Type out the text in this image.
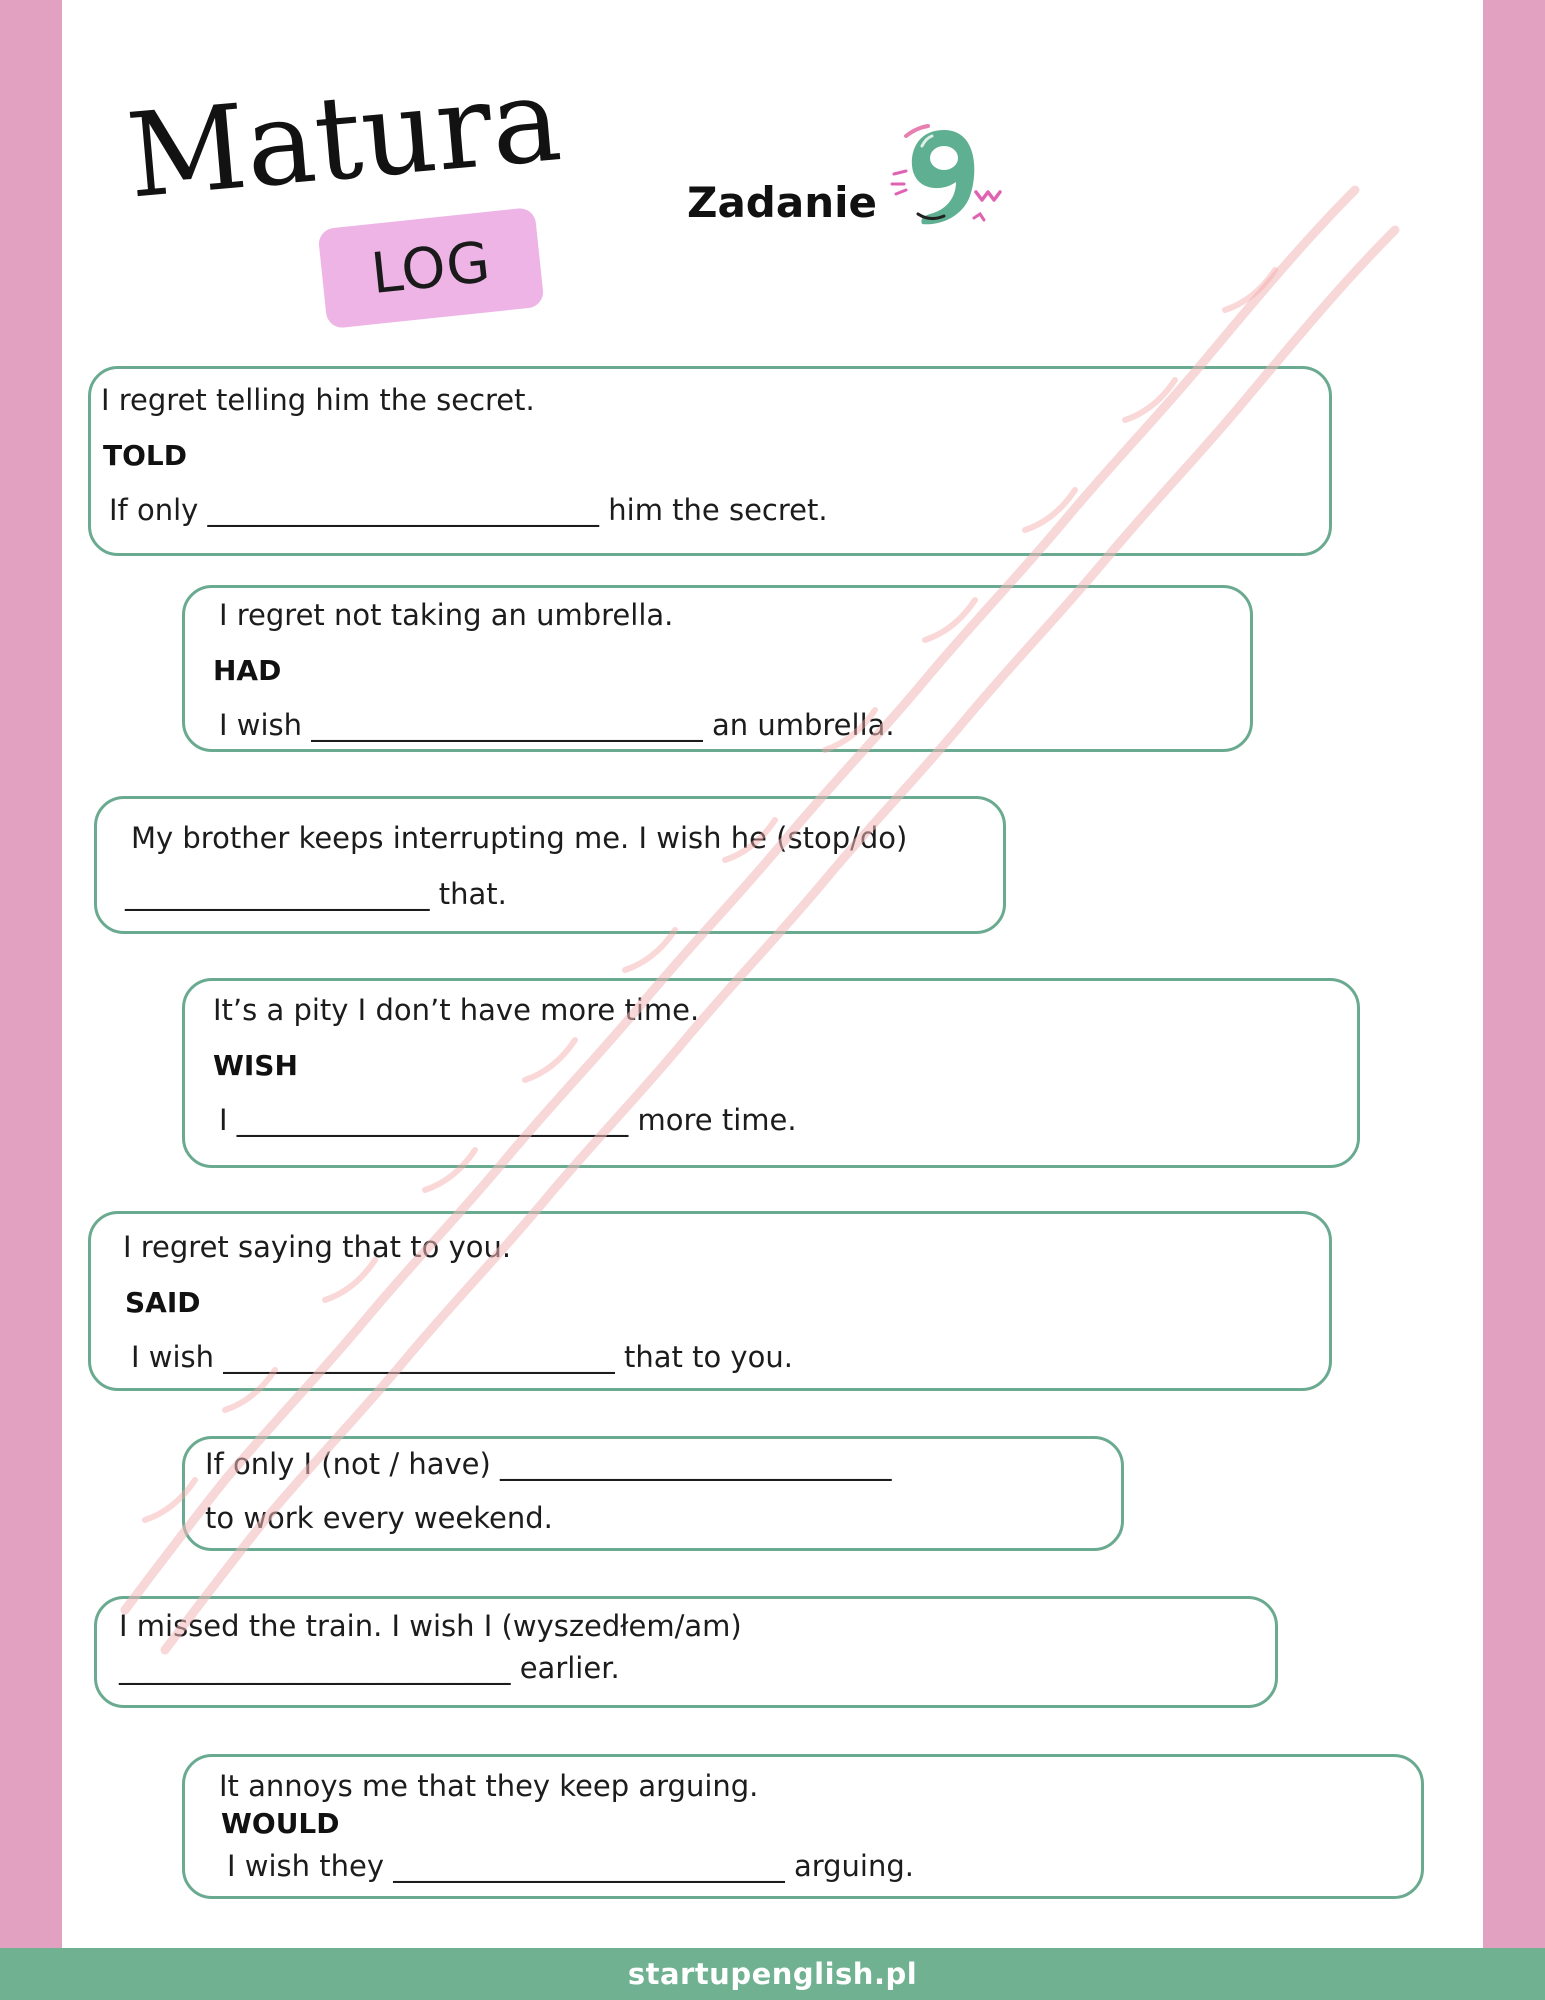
Matura
LOG
Zadanie
I regret telling him the secret.
TOLD
If only ___________________________ him the secret.
I regret not taking an umbrella.
HAD
I wish ___________________________ an umbrella.
My brother keeps interrupting me. I wish he (stop/do)
_____________________ that.
It’s a pity I don’t have more time.
WISH
I ___________________________ more time.
I regret saying that to you.
SAID
I wish ___________________________ that to you.
If only I (not / have) ___________________________
to work every weekend.
I missed the train. I wish I (wyszedłem/am)
___________________________ earlier.
It annoys me that they keep arguing.
WOULD
I wish they ___________________________ arguing.
startupenglish.pl
